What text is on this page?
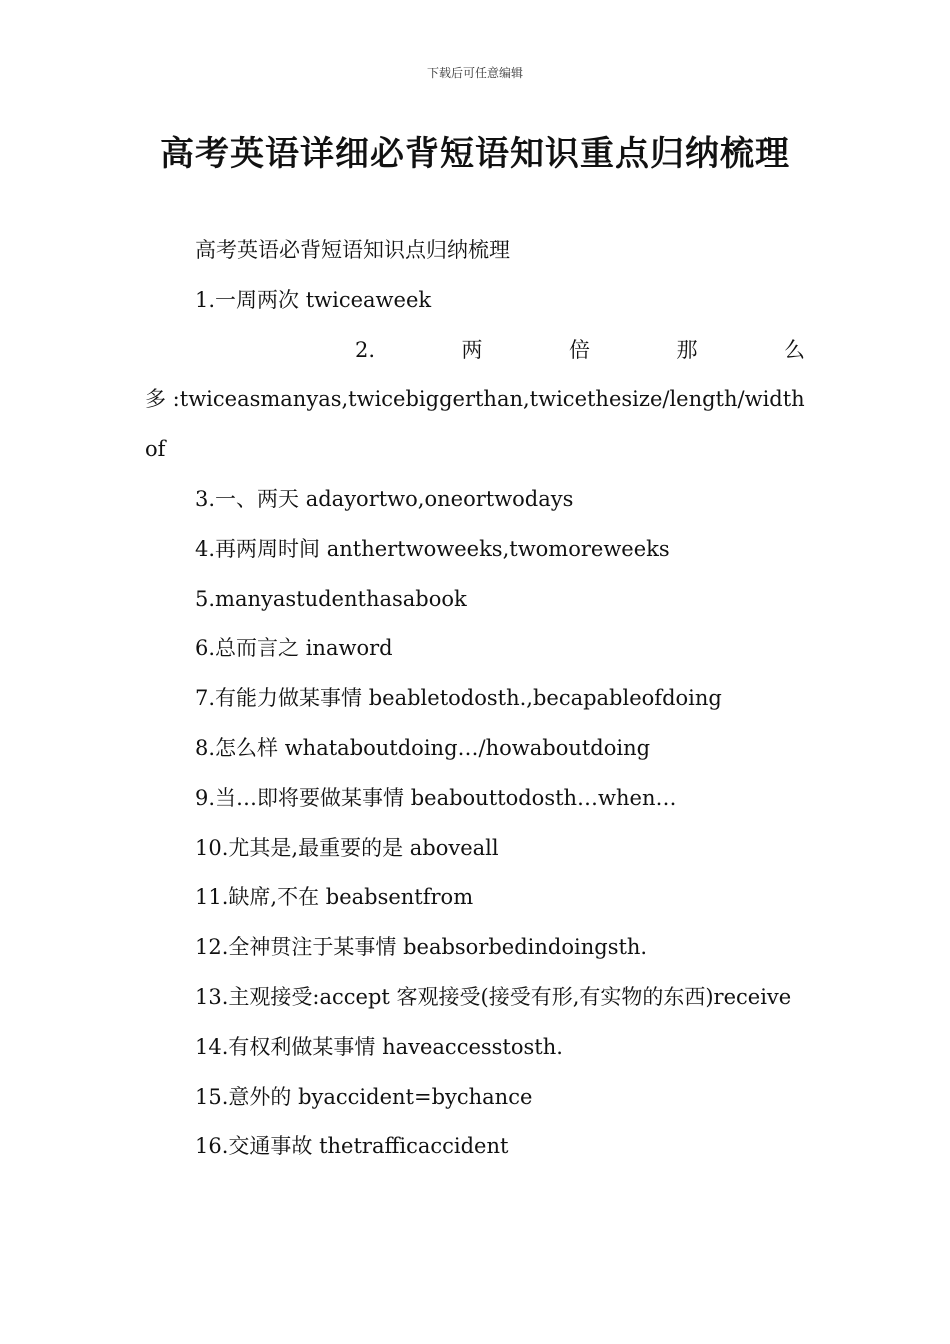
下载后可任意编辑
高考英语详细必背短语知识重点归纳梳理

高考英语必背短语知识点归纳梳理

1.一周两次 twiceaweek

2.	两	倍	那	么

多 :twiceasmanyas,twicebiggerthan,twicethesize/length/widthof

3.一、两天 adayortwo,oneortwodays

4.再两周时间 anthertwoweeks,twomoreweeks

5.manyastudenthasabook

6.总而言之 inaword

7.有能力做某事情 beabletodosth.,becapableofdoing

8.怎么样 whataboutdoing…/howaboutdoing

9.当…即将要做某事情 beabouttodosth…when…

10.尤其是,最重要的是 aboveall

11.缺席,不在 beabsentfrom

12.全神贯注于某事情 beabsorbedindoingsth.

13.主观接受:accept 客观接受(接受有形,有实物的东西)receive

14.有权利做某事情 haveaccesstosth.

15.意外的 byaccident=bychance

16.交通事故 thetrafficaccident
